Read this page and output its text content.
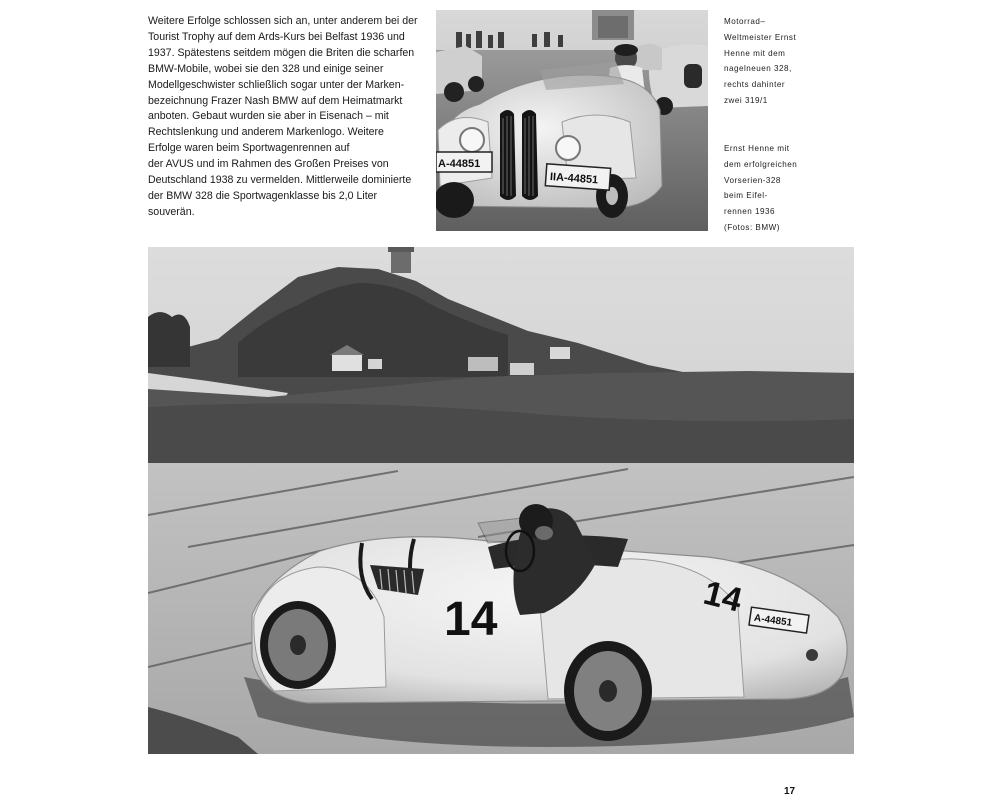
Weitere Erfolge schlossen sich an, unter anderem bei der
Tourist Trophy auf dem Ards-Kurs bei Belfast 1936 und
1937. Spätestens seitdem mögen die Briten die scharfen
BMW-Mobile, wobei sie den 328 und einige seiner
Modellgeschwister schließlich sogar unter der Marken-
bezeichnung Frazer Nash BMW auf dem Heimatmarkt
anboten. Gebaut wurden sie aber in Eisenach – mit
Rechtslenkung und anderem Markenlogo. Weitere
Erfolge waren beim Sportwagenrennen auf
der AVUS und im Rahmen des Großen Preises von
Deutschland 1938 zu vermelden. Mittlerweile dominierte
der BMW 328 die Sportwagenklasse bis 2,0 Liter
souverän.

A-44851
IIA-44851

Motorrad–
Weltmeister Ernst
Henne mit dem
nagelneuen 328,
rechts dahinter
zwei 319/1

Ernst Henne mit
dem erfolgreichen
Vorserien-328
beim Eifel-
rennen 1936
(Fotos: BMW)

14	14
A-44851
17
